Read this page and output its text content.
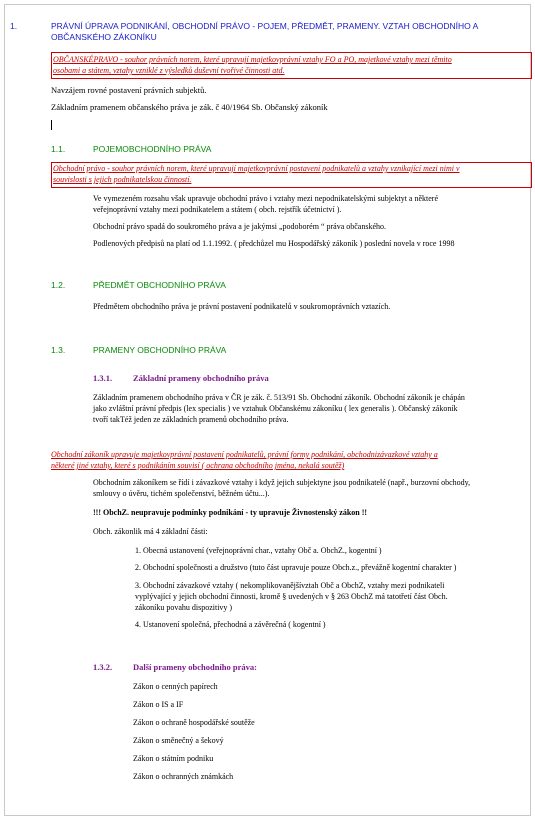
1.	PRÁVNÍ ÚPRAVA PODNIKÁNÍ, OBCHODNÍ PRÁVO - POJEM, PŘEDMĚT, PRAMENY. VZTAH OBCHODNÍHO A
OBČANSKÉHO ZÁKONÍKU
OBČANSKÉPRAVO - souhor právních norem, které upravují majetkovprávní vztahy FO a PO, majetkové vztahy mezi těmito
osobami a státem, vztahy vzniklé z výsledků duševní tvořivé činnosti atd.
Navzájem rovné postavení právních subjektů.
Základním pramenem občanského práva je zák. č 40/1964 Sb. Občanský zákoník
1.1.	POJEMOBCHODNÍHO PRÁVA
Obchodní právo - souhor právních norem, které upravují majetkovprávní postavení podnikatelů a vztahy vznikající mezi nimi v
souvislosti s jejich podnikatelskou činností.
Ve vymezeném rozsahu však upravuje obchodní právo i vztahy mezi nepodnikatelskými subjektyt a některé
veřejnoprávní vztahy mezi podnikatelem a státem ( obch. rejstřík účetnictví ).
Obchodní právo spadá do soukromého práva a je jakýmsi „podoborém “ práva občanského.
Podlenových předpisů na platí od 1.1.1992. ( předchůzel mu Hospodářský zákoník ) poslední novela v roce 1998
1.2.	PŘEDMĚT OBCHODNÍHO PRÁVA
Předmětem obchodního práva je právní postavení podnikatelů v soukromoprávních vztazích.
1.3.	PRAMENY OBCHODNÍHO PRÁVA
1.3.1. Základní prameny obchodního práva
Základním pramenem obchodního práva v ČR je zák. č. 513/91 Sb. Obchodní zákoník. Obchodní zákoník je chápán
jako zvláštní právní předpis (lex specialis ) ve vztahuk Občanskému zákoníku ( lex generalis ). Občanský zákoník
tvoří takTéž jeden ze základních pramenů obchodního práva.
Obchodní zákoník upravuje majetkovprávní postavení podnikatelů, právní formy podnikání, obchodnizávazkové vztahy a
některé jiné vztahy, které s podnikáním souvisí ( ochrana obchodního jména, nekalá soutěž)
Obchodním zákoníkem se řídí i závazkové vztahy i když jejich subjektyne jsou podnikatelé (např., burzovní obchody,
smlouvy o úvěru, tichém společenství, běžném účtu...).
!!! ObchZ. neupravuje podmínky podnikání - ty upravuje Živnostenský zákon !!
Obch. zákonlik má 4 základní části:
1. Obecná ustanovení (veřejnoprávní char., vztahy Obč a. ObchZ., kogentní )
2. Obchodní společnosti a družstvo (tuto část upravuje pouze Obch.z., převážně kogentní charakter )
3. Obchodní závazkové vztahy ( nekomplikovanějšívztah Obč a ObchZ, vztahy mezi podnikateli
vyplývající y jejich obchodní činnosti, kromě § uvedených v § 263 ObchZ má tatotřetí část Obch.
zákoníku povahu dispozitivy )
4. Ustanovení společná, přechodná a závěrečná ( kogentní )
1.3.2. Další prameny obchodního práva:
Zákon o cenných papírech
Zákon o IS a IF
Zákon o ochraně hospodářské soutěže
Zákon o směnečný a šekový
Zákon o státním podniku
Zákon o ochranných známkách
